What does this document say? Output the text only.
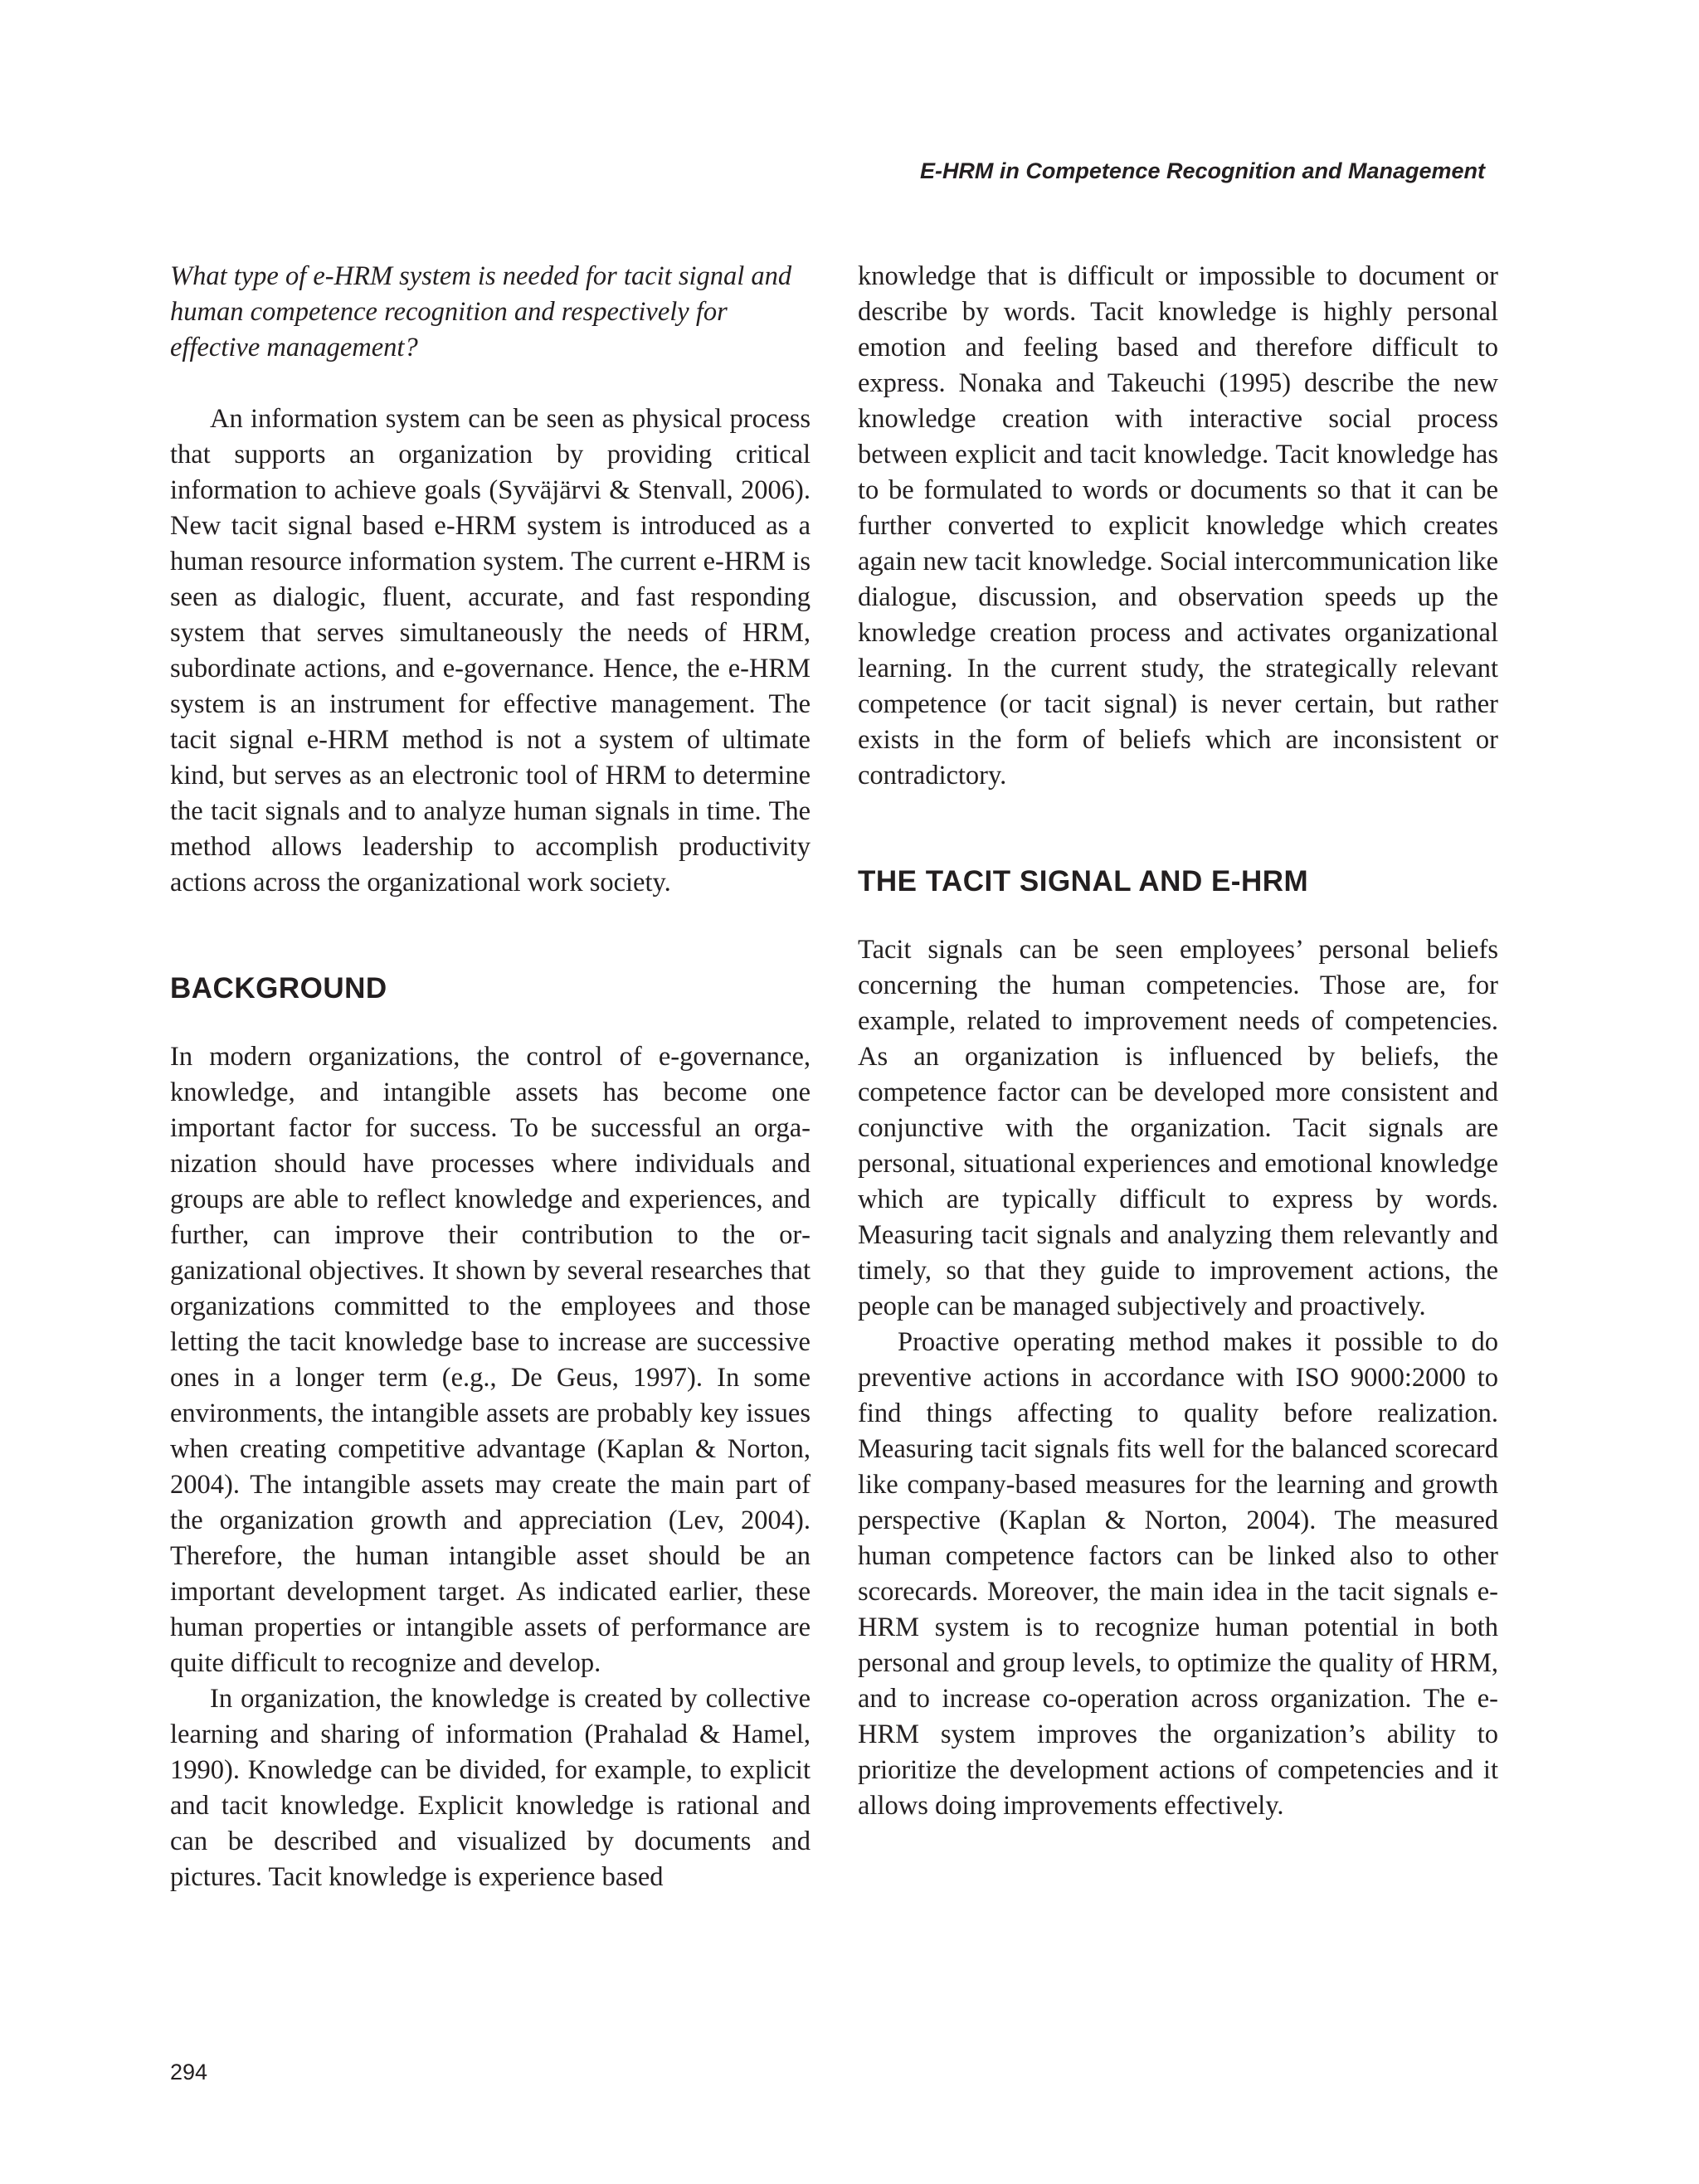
E-HRM in Competence Recognition and Management

What type of e-HRM system is needed for tacit signal and human competence recognition and respectively for effective management?

An information system can be seen as physical process that supports an organization by providing critical information to achieve goals (Syväjärvi & Stenvall, 2006). New tacit signal based e-HRM system is introduced as a human resource information system. The current e-HRM is seen as dialogic, fluent, accurate, and fast responding system that serves simultaneously the needs of HRM, subordinate actions, and e-governance. Hence, the e-HRM system is an instrument for effective management. The tacit signal e-HRM method is not a system of ultimate kind, but serves as an electronic tool of HRM to determine the tacit signals and to analyze human signals in time. The method allows leadership to accomplish productivity actions across the organizational work society.

BACKGROUND

In modern organizations, the control of e-governance, knowledge, and intangible assets has become one important factor for success. To be successful an organization should have processes where individuals and groups are able to reflect knowledge and experiences, and further, can improve their contribution to the organizational objectives. It shown by several researches that organizations committed to the employees and those letting the tacit knowledge base to increase are successive ones in a longer term (e.g., De Geus, 1997). In some environments, the intangible assets are probably key issues when creating competitive advantage (Kaplan & Norton, 2004). The intangible assets may create the main part of the organization growth and appreciation (Lev, 2004). Therefore, the human intangible asset should be an important development target. As indicated earlier, these human properties or intangible assets of performance are quite difficult to recognize and develop.

In organization, the knowledge is created by collective learning and sharing of information (Prahalad & Hamel, 1990). Knowledge can be divided, for example, to explicit and tacit knowledge. Explicit knowledge is rational and can be described and visualized by documents and pictures. Tacit knowledge is experience based

knowledge that is difficult or impossible to document or describe by words. Tacit knowledge is highly personal emotion and feeling based and therefore difficult to express. Nonaka and Takeuchi (1995) describe the new knowledge creation with interactive social process between explicit and tacit knowledge. Tacit knowledge has to be formulated to words or documents so that it can be further converted to explicit knowledge which creates again new tacit knowledge. Social intercommunication like dialogue, discussion, and observation speeds up the knowledge creation process and activates organizational learning. In the current study, the strategically relevant competence (or tacit signal) is never certain, but rather exists in the form of beliefs which are inconsistent or contradictory.

THE TACIT SIGNAL AND E-HRM

Tacit signals can be seen employees’ personal beliefs concerning the human competencies. Those are, for example, related to improvement needs of competencies. As an organization is influenced by beliefs, the competence factor can be developed more consistent and conjunctive with the organization. Tacit signals are personal, situational experiences and emotional knowledge which are typically difficult to express by words. Measuring tacit signals and analyzing them relevantly and timely, so that they guide to improvement actions, the people can be managed subjectively and proactively.

Proactive operating method makes it possible to do preventive actions in accordance with ISO 9000:2000 to find things affecting to quality before realization. Measuring tacit signals fits well for the balanced scorecard like company-based measures for the learning and growth perspective (Kaplan & Norton, 2004). The measured human competence factors can be linked also to other scorecards. Moreover, the main idea in the tacit signals e-HRM system is to recognize human potential in both personal and group levels, to optimize the quality of HRM, and to increase co-operation across organization. The e-HRM system improves the organization’s ability to prioritize the development actions of competencies and it allows doing improvements effectively.

294
